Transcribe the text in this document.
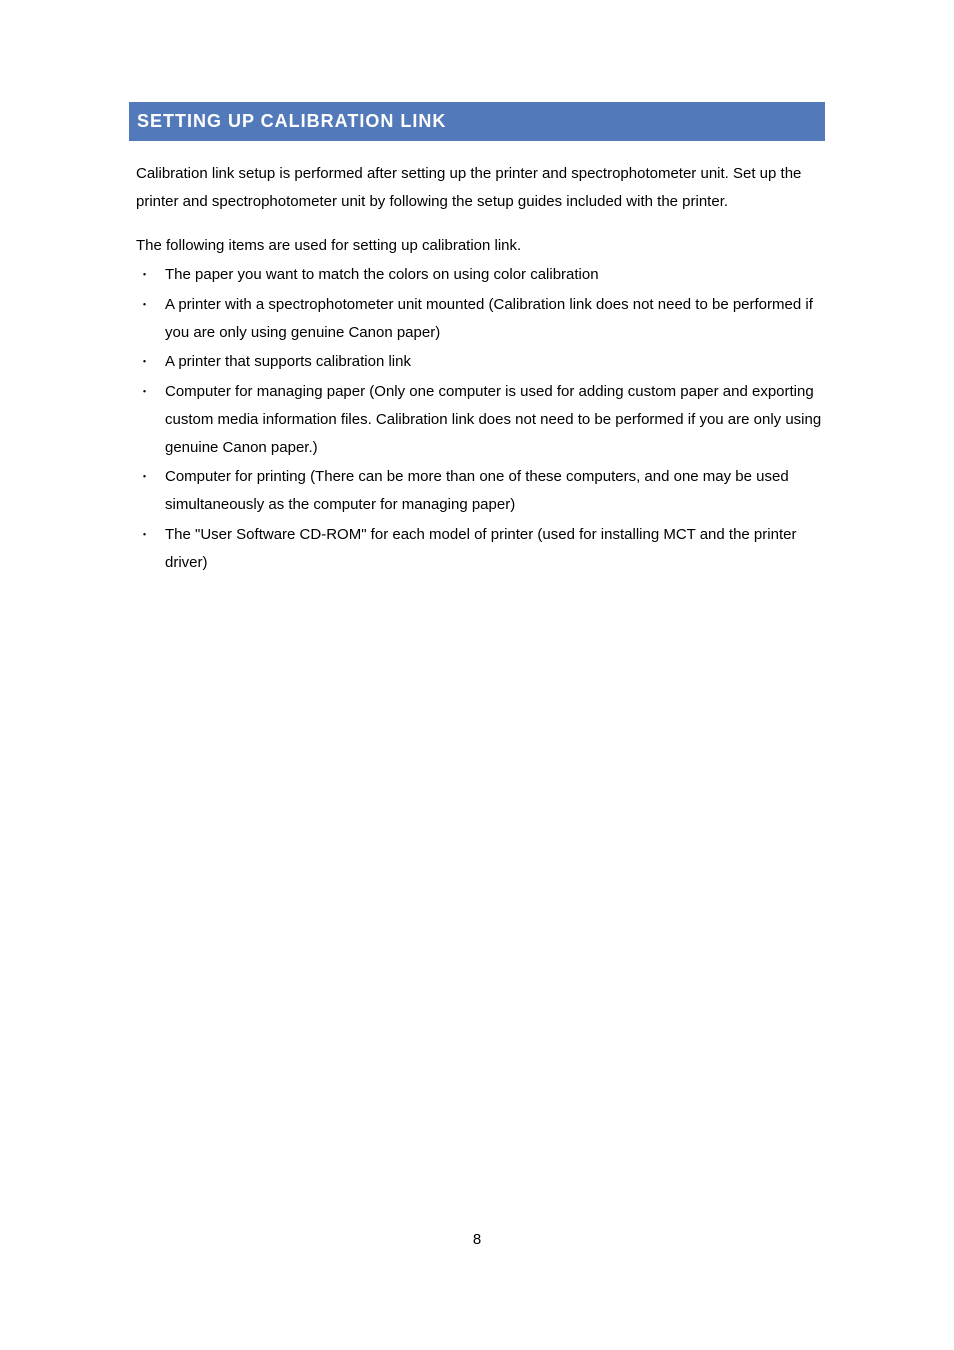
SETTING UP CALIBRATION LINK

Calibration link setup is performed after setting up the printer and spectrophotometer unit. Set up the printer and spectrophotometer unit by following the setup guides included with the printer.

The following items are used for setting up calibration link.

・ The paper you want to match the colors on using color calibration
・ A printer with a spectrophotometer unit mounted (Calibration link does not need to be performed if you are only using genuine Canon paper)
・ A printer that supports calibration link
・ Computer for managing paper (Only one computer is used for adding custom paper and exporting custom media information files. Calibration link does not need to be performed if you are only using genuine Canon paper.)
・ Computer for printing (There can be more than one of these computers, and one may be used simultaneously as the computer for managing paper)
・ The "User Software CD-ROM" for each model of printer (used for installing MCT and the printer driver)
8
